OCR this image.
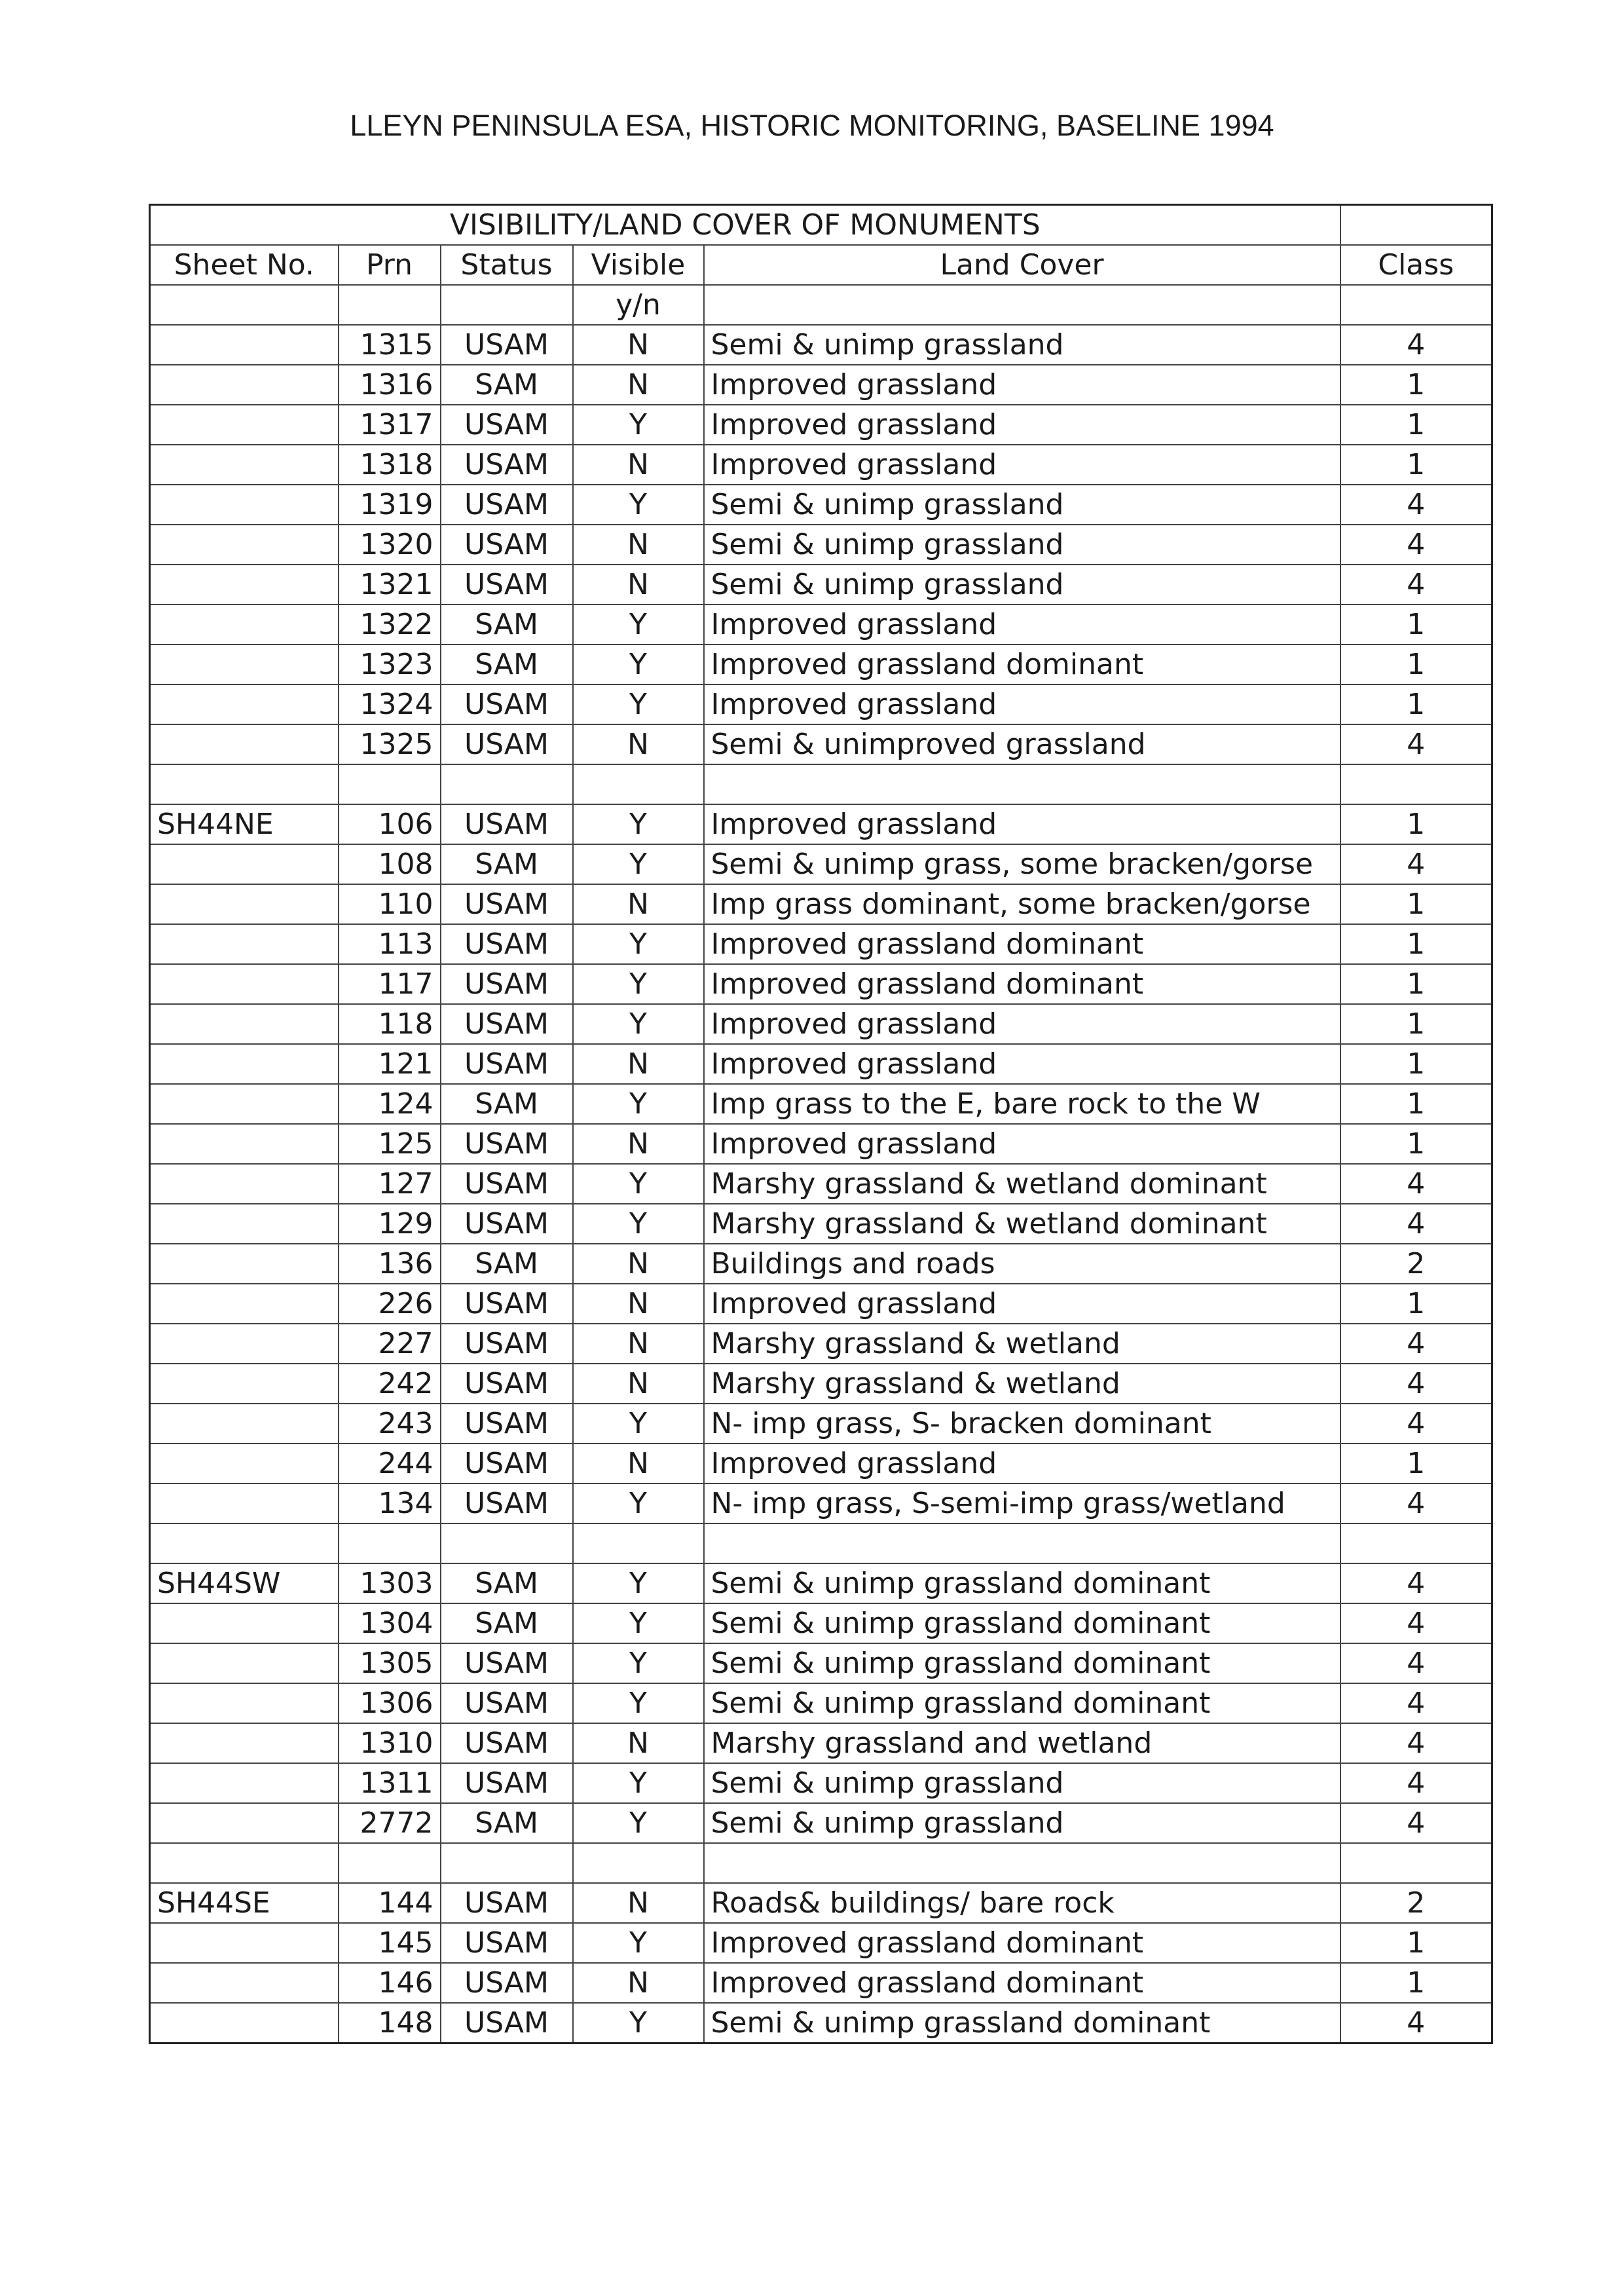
LLEYN PENINSULA ESA, HISTORIC MONITORING, BASELINE 1994
VISIBILITY/LAND COVER OF MONUMENTS					
Sheet No.	Prn	Status	Visible	Land Cover	Class
			y/n		
	1315	USAM	N	Semi & unimp grassland	4
	1316	SAM	N	Improved grassland	1
	1317	USAM	Y	Improved grassland	1
	1318	USAM	N	Improved grassland	1
	1319	USAM	Y	Semi & unimp grassland	4
	1320	USAM	N	Semi & unimp grassland	4
	1321	USAM	N	Semi & unimp grassland	4
	1322	SAM	Y	Improved grassland	1
	1323	SAM	Y	Improved grassland dominant	1
	1324	USAM	Y	Improved grassland	1
	1325	USAM	N	Semi & unimproved grassland	4

SH44NE	106	USAM	Y	Improved grassland	1
	108	SAM	Y	Semi & unimp grass, some bracken/gorse	4
	110	USAM	N	Imp grass dominant, some bracken/gorse	1
	113	USAM	Y	Improved grassland dominant	1
	117	USAM	Y	Improved grassland dominant	1
	118	USAM	Y	Improved grassland	1
	121	USAM	N	Improved grassland	1
	124	SAM	Y	Imp grass to the E, bare rock to the W	1
	125	USAM	N	Improved grassland	1
	127	USAM	Y	Marshy grassland & wetland dominant	4
	129	USAM	Y	Marshy grassland & wetland dominant	4
	136	SAM	N	Buildings and roads	2
	226	USAM	N	Improved grassland	1
	227	USAM	N	Marshy grassland & wetland	4
	242	USAM	N	Marshy grassland & wetland	4
	243	USAM	Y	N- imp grass, S- bracken dominant	4
	244	USAM	N	Improved grassland	1
	134	USAM	Y	N- imp grass, S-semi-imp grass/wetland	4

SH44SW	1303	SAM	Y	Semi & unimp grassland dominant	4
	1304	SAM	Y	Semi & unimp grassland dominant	4
	1305	USAM	Y	Semi & unimp grassland dominant	4
	1306	USAM	Y	Semi & unimp grassland dominant	4
	1310	USAM	N	Marshy grassland and wetland	4
	1311	USAM	Y	Semi & unimp grassland	4
	2772	SAM	Y	Semi & unimp grassland	4

SH44SE	144	USAM	N	Roads& buildings/ bare rock	2
	145	USAM	Y	Improved grassland dominant	1
	146	USAM	N	Improved grassland dominant	1
	148	USAM	Y	Semi & unimp grassland dominant	4
